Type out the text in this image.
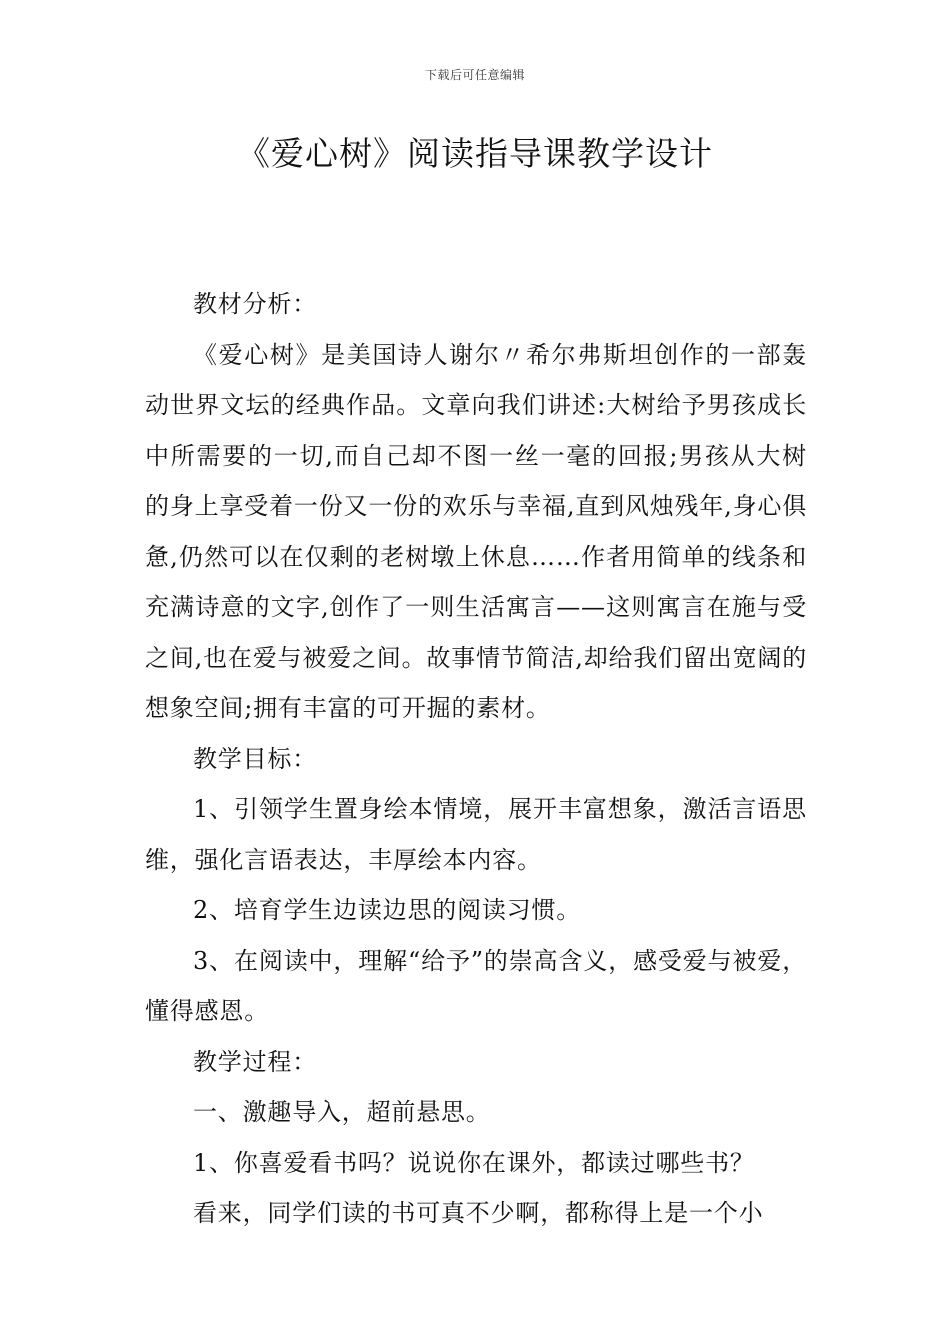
下载后可任意编辑
《爱心树》阅读指导课教学设计

教材分析：

《爱心树》是美国诗人谢尔〃希尔弗斯坦创作的一部轰动世界文坛的经典作品。文章向我们讲述:大树给予男孩成长中所需要的一切,而自己却不图一丝一毫的回报;男孩从大树的身上享受着一份又一份的欢乐与幸福,直到风烛残年,身心俱惫,仍然可以在仅剩的老树墩上休息……作者用简单的线条和充满诗意的文字,创作了一则生活寓言——这则寓言在施与受之间,也在爱与被爱之间。故事情节简洁,却给我们留出宽阔的想象空间;拥有丰富的可开掘的素材。

教学目标：

1、引领学生置身绘本情境，展开丰富想象，激活言语思维，强化言语表达，丰厚绘本内容。

2、培育学生边读边思的阅读习惯。

3、在阅读中，理解“给予”的崇高含义，感受爱与被爱，懂得感恩。

教学过程：

一、激趣导入，超前悬思。

1、你喜爱看书吗？说说你在课外，都读过哪些书？

看来，同学们读的书可真不少啊，都称得上是一个小
